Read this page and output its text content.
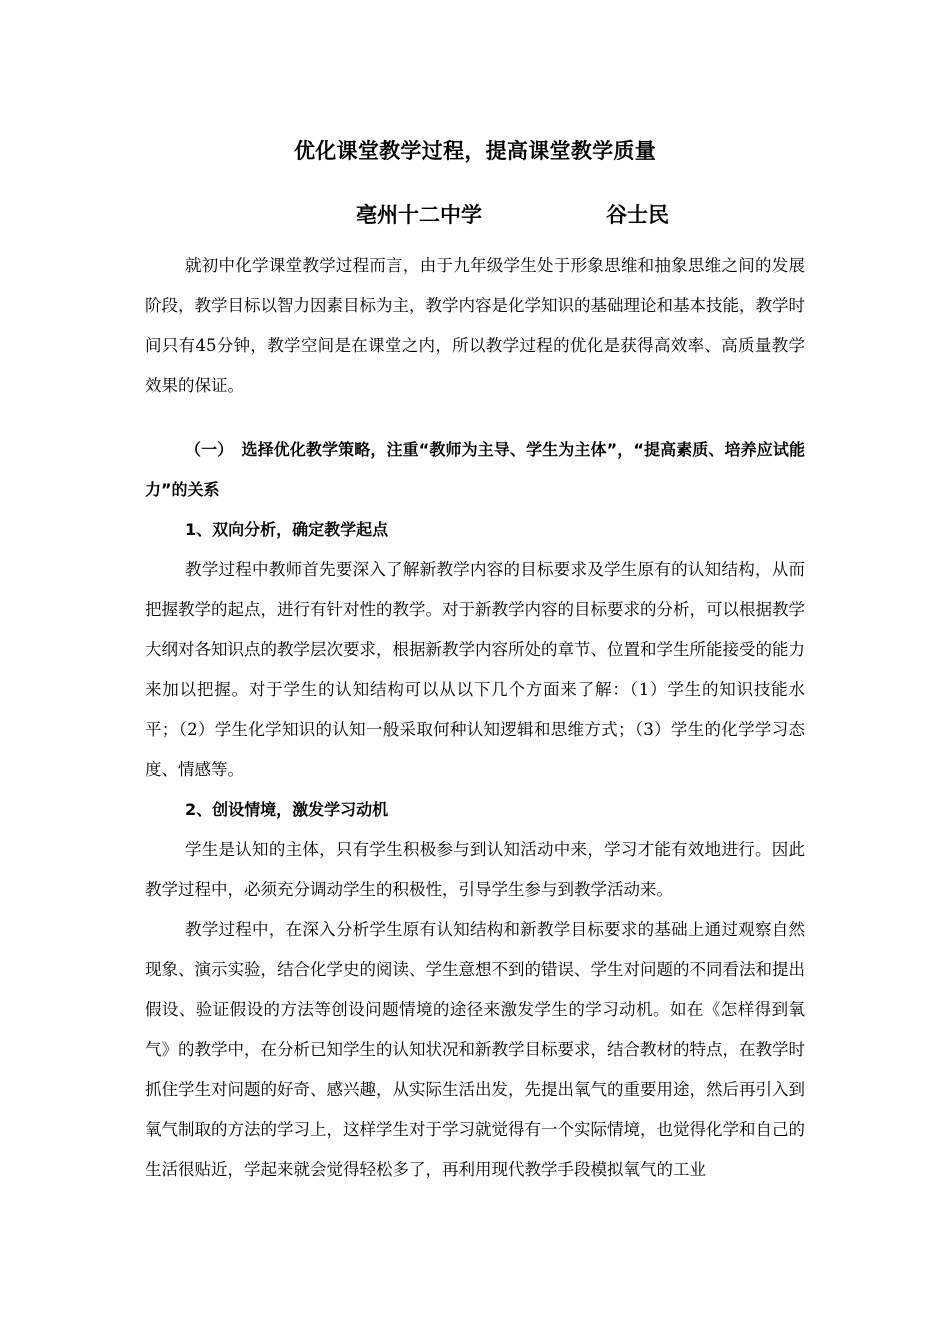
优化课堂教学过程，提高课堂教学质量
亳州十二中学	谷士民

就初中化学课堂教学过程而言，由于九年级学生处于形象思维和抽象思维之间的发展阶段，教学目标以智力因素目标为主，教学内容是化学知识的基础理论和基本技能，教学时间只有45分钟，教学空间是在课堂之内，所以教学过程的优化是获得高效率、高质量教学效果的保证。

（一）　选择优化教学策略，注重“教师为主导、学生为主体”，“提高素质、培养应试能力”的关系

1、双向分析，确定教学起点

教学过程中教师首先要深入了解新教学内容的目标要求及学生原有的认知结构，从而把握教学的起点，进行有针对性的教学。对于新教学内容的目标要求的分析，可以根据教学大纲对各知识点的教学层次要求，根据新教学内容所处的章节、位置和学生所能接受的能力来加以把握。对于学生的认知结构可以从以下几个方面来了解：（1）学生的知识技能水平；（2）学生化学知识的认知一般采取何种认知逻辑和思维方式；（3）学生的化学学习态度、情感等。

2、创设情境，激发学习动机

学生是认知的主体，只有学生积极参与到认知活动中来，学习才能有效地进行。因此教学过程中，必须充分调动学生的积极性，引导学生参与到教学活动来。

教学过程中，在深入分析学生原有认知结构和新教学目标要求的基础上通过观察自然现象、演示实验，结合化学史的阅读、学生意想不到的错误、学生对问题的不同看法和提出假设、验证假设的方法等创设问题情境的途径来激发学生的学习动机。如在《怎样得到氧气》的教学中，在分析已知学生的认知状况和新教学目标要求，结合教材的特点，在教学时抓住学生对问题的好奇、感兴趣，从实际生活出发，先提出氧气的重要用途，然后再引入到氧气制取的方法的学习上，这样学生对于学习就觉得有一个实际情境，也觉得化学和自己的生活很贴近，学起来就会觉得轻松多了，再利用现代教学手段模拟氧气的工业
